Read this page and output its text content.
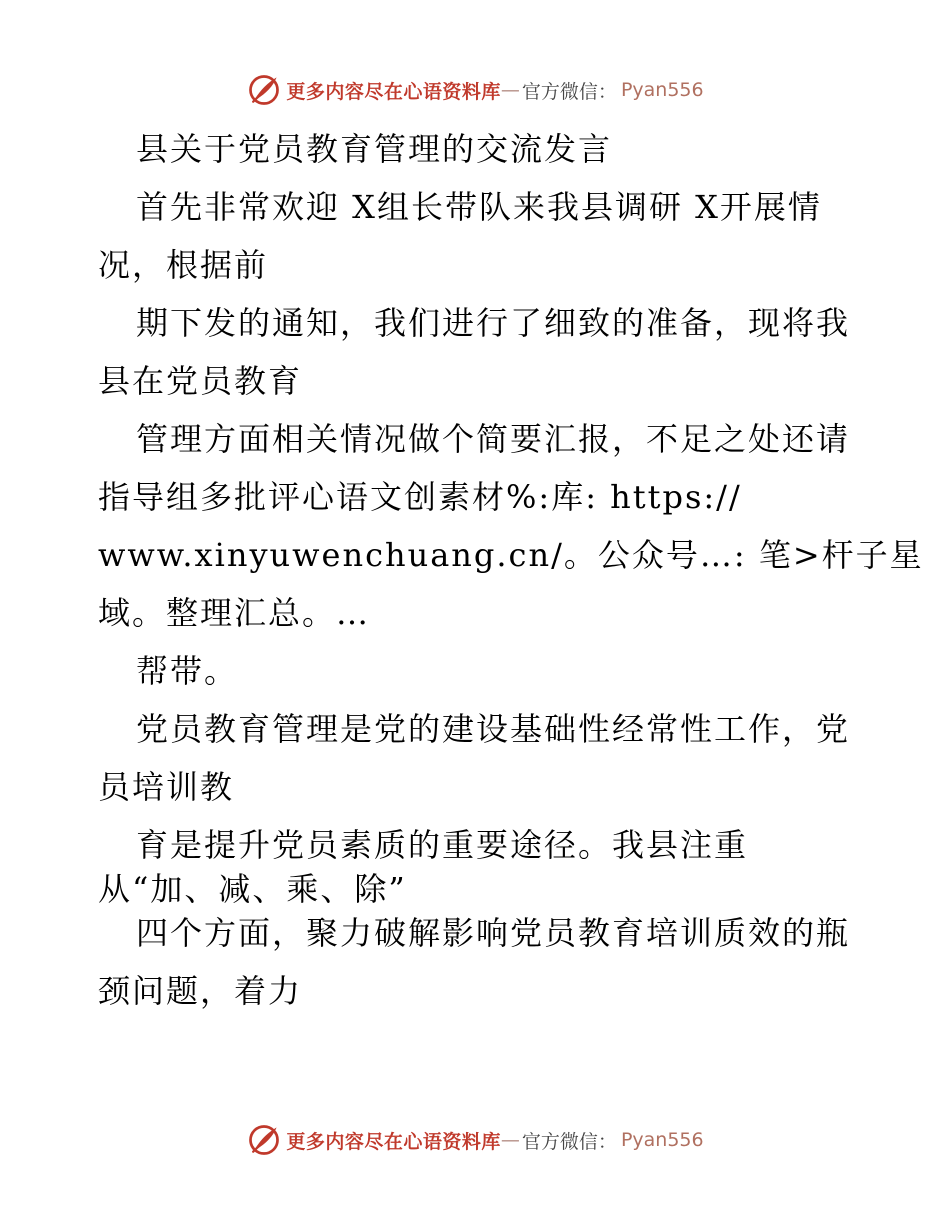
更多内容尽在心语资料库 — 官方微信： Pyan556
县关于党员教育管理的交流发言
首先非常欢迎 X组长带队来我县调研 X开展情
况，根据前
期下发的通知，我们进行了细致的准备，现将我
县在党员教育
管理方面相关情况做个简要汇报，不足之处还请
指导组多批评心语文创素材%:库: https://
www.xinyuwenchuang.cn/。公众号…: 笔>杆子星
域。整理汇总。…
帮带。
党员教育管理是党的建设基础性经常性工作，党
员培训教
育是提升党员素质的重要途径。我县注重
从“加、减、乘、除”
四个方面，聚力破解影响党员教育培训质效的瓶
颈问题，着力
更多内容尽在心语资料库 — 官方微信： Pyan556
